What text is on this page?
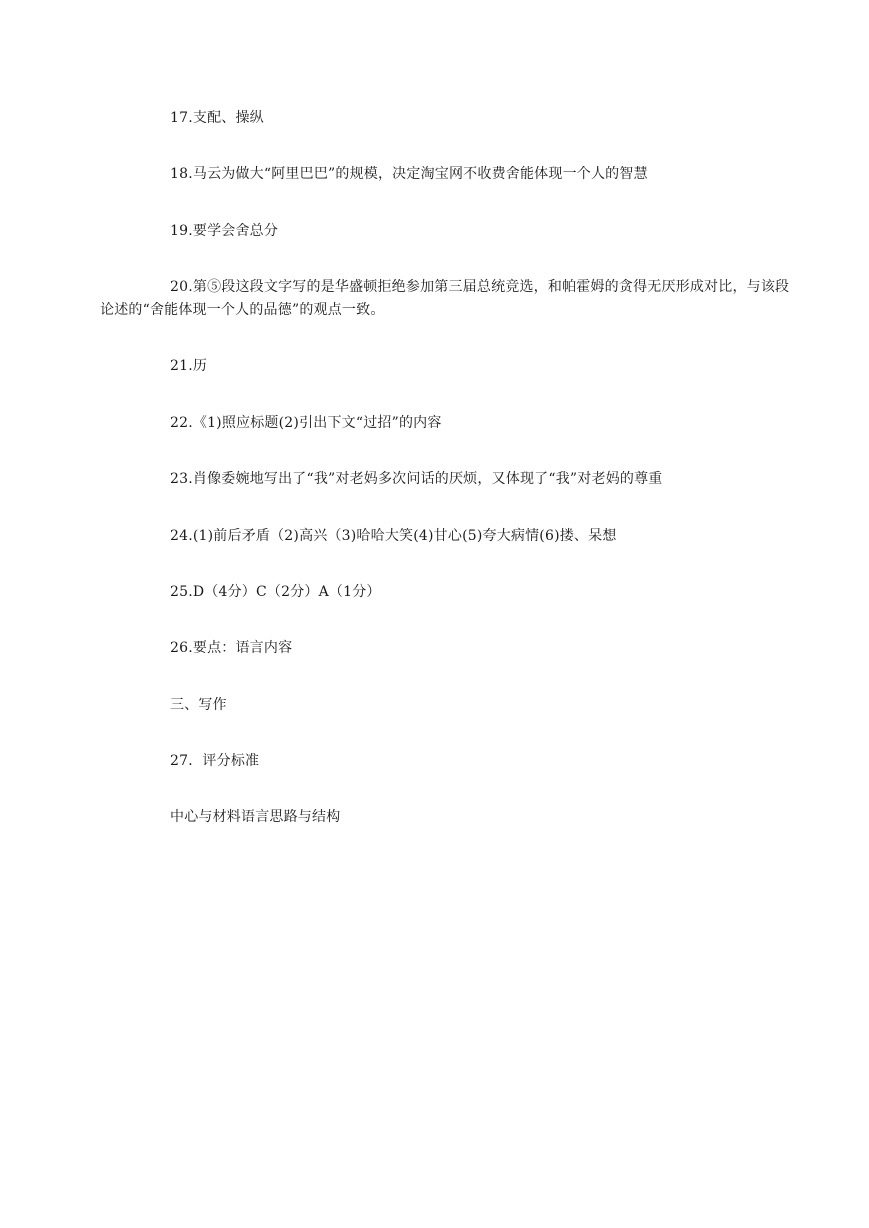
17.支配、操纵

18.马云为做大“阿里巴巴”的规模，决定淘宝网不收费舍能体现一个人的智慧

19.要学会舍总分

20.第⑤段这段文字写的是华盛顿拒绝参加第三届总统竞选，和帕霍姆的贪得无厌形成对比，与该段论述的“舍能体现一个人的品德”的观点一致。

21.历

22.《1)照应标题(2)引出下文“过招”的内容

23.肖像委婉地写出了“我”对老妈多次问话的厌烦，又体现了“我”对老妈的尊重

24.(1)前后矛盾（2)高兴（3)哈哈大笑(4)甘心(5)夸大病情(6)搂、呆想

25.D（4分）C（2分）A（1分）

26.要点：语言内容

三、写作

27．评分标准

中心与材料语言思路与结构
